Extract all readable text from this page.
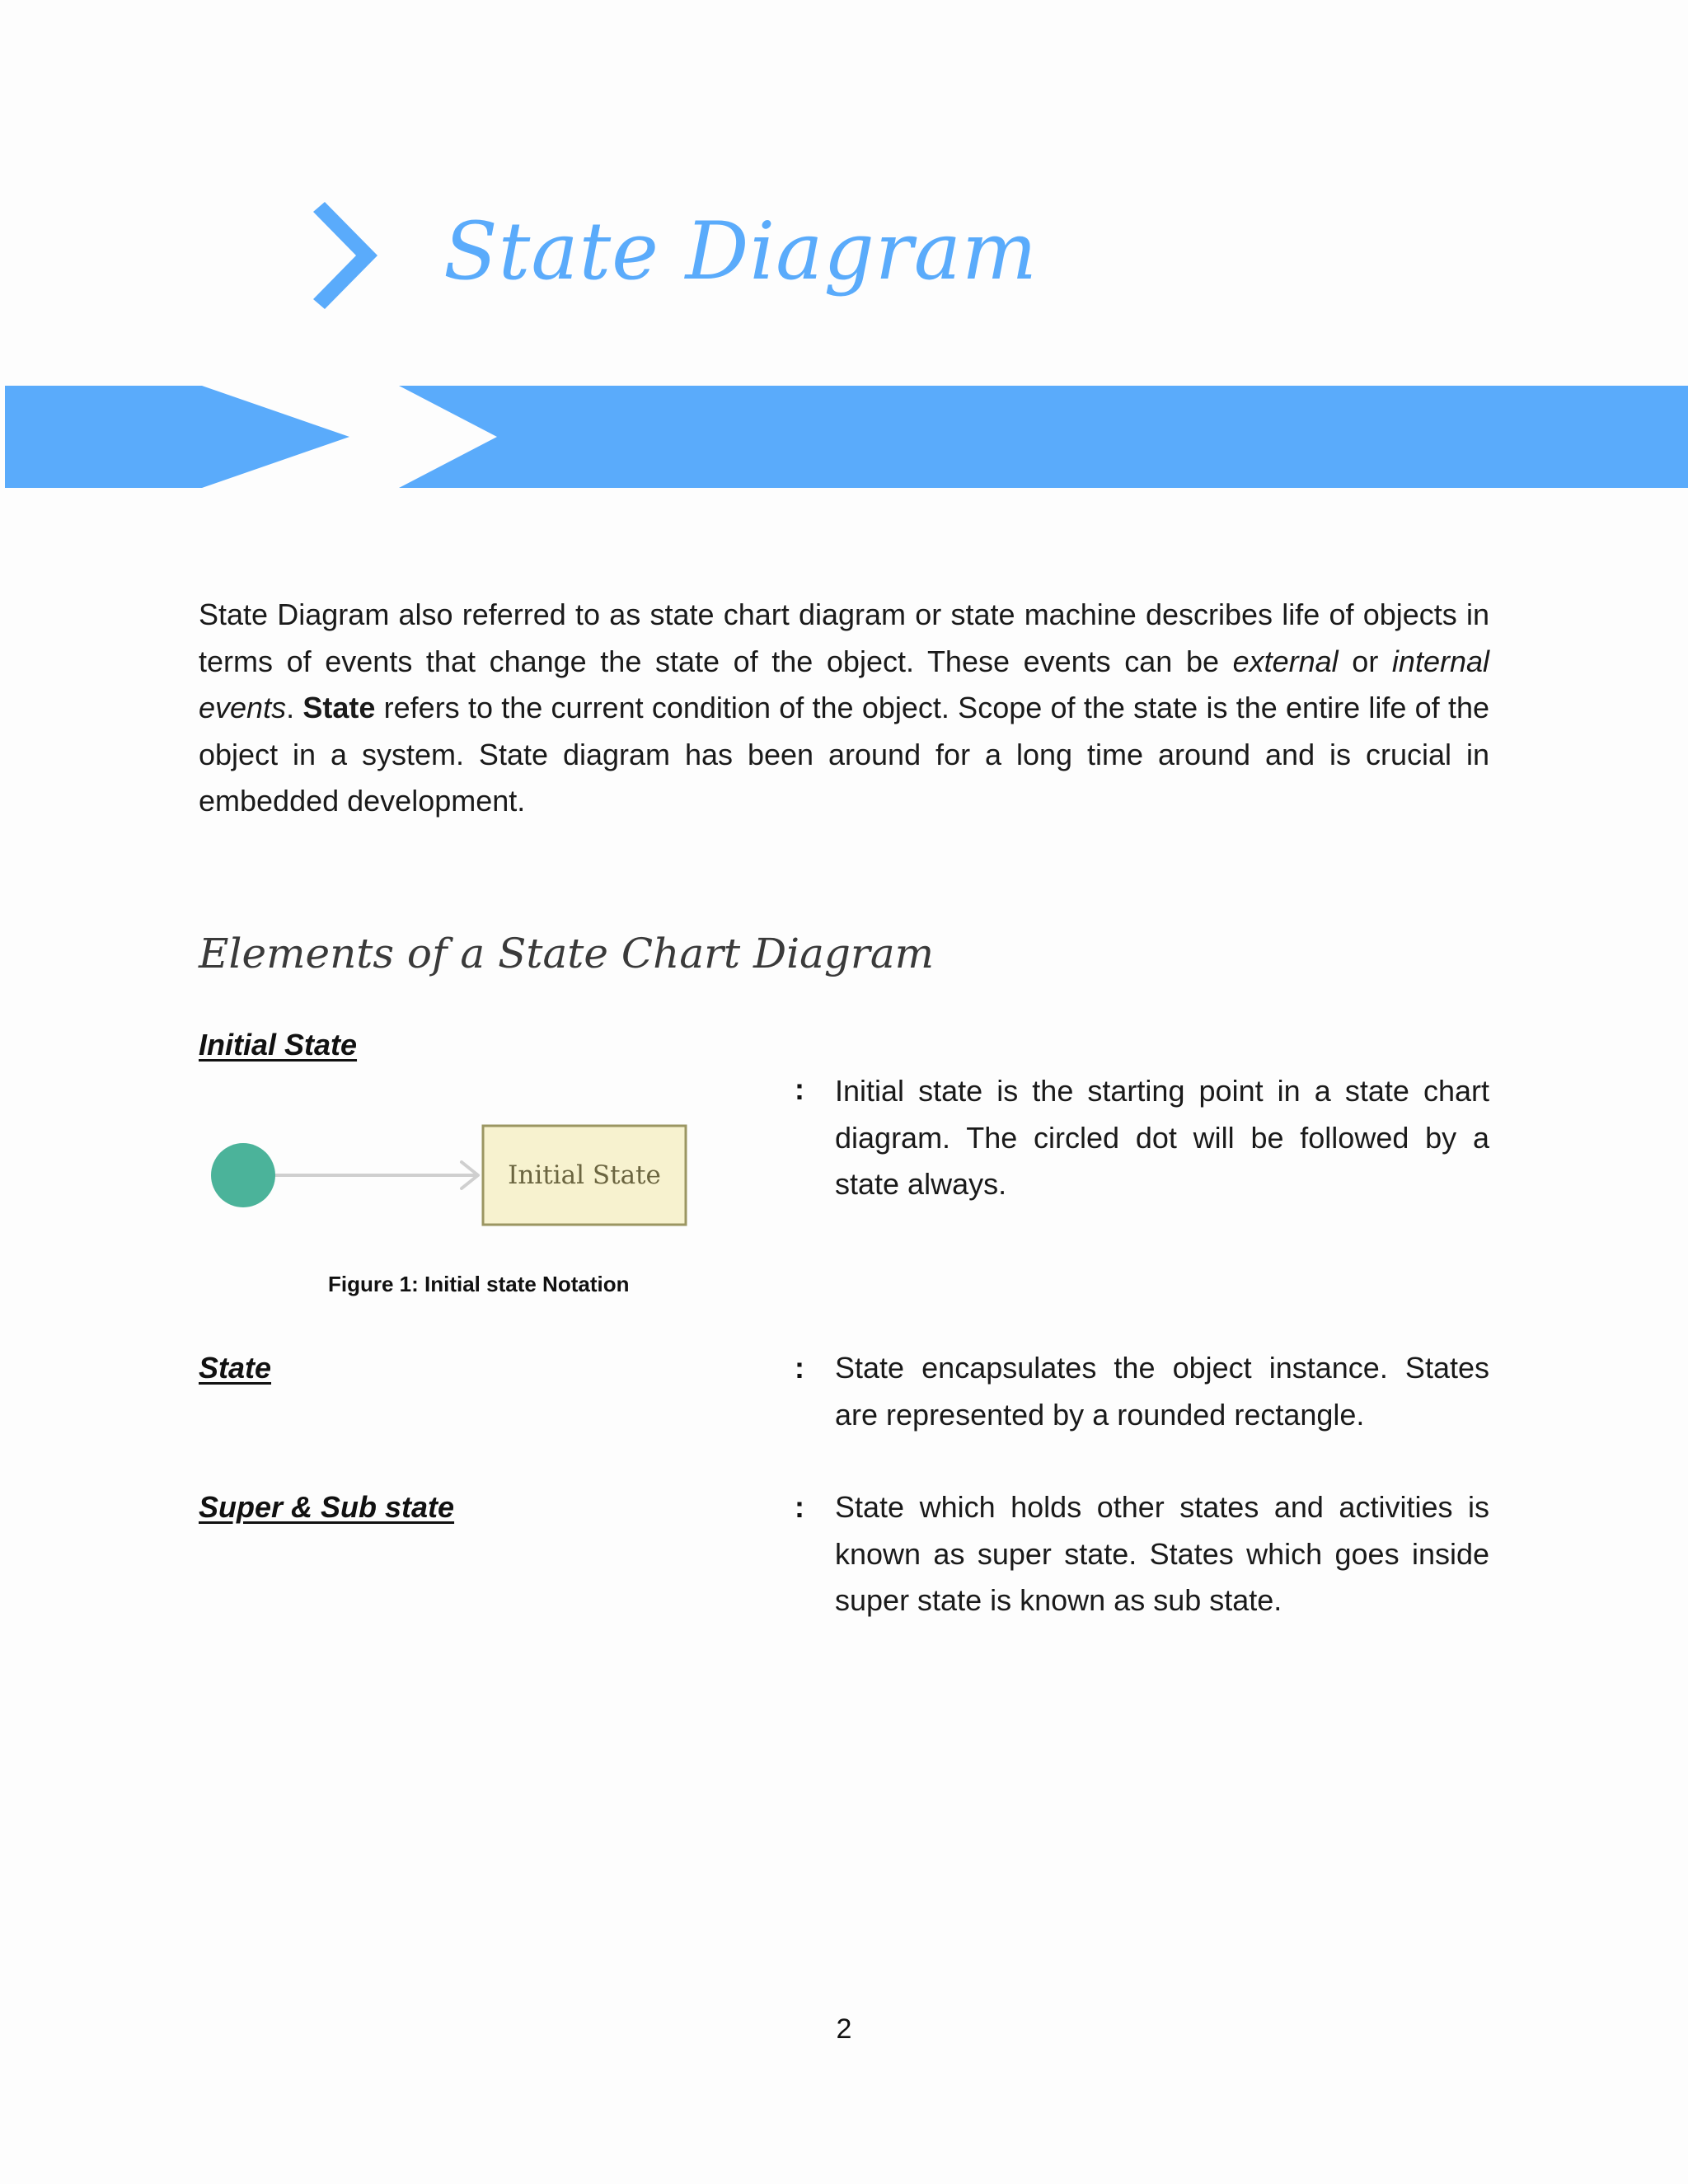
State Diagram
State Diagram also referred to as state chart diagram or state machine describes life of objects in terms of events that change the state of the object. These events can be external or internal events. State refers to the current condition of the object. Scope of the state is the entire life of the object in a system. State diagram has been around for a long time around and is crucial in embedded development.
Elements of a State Chart Diagram
Initial State
: Initial state is the starting point in a state chart diagram. The circled dot will be followed by a state always.
Initial State
Figure 1: Initial state Notation
State	: State encapsulates the object instance. States are represented by a rounded rectangle.
Super & Sub state	: State which holds other states and activities is known as super state. States which goes inside super state is known as sub state.
2
